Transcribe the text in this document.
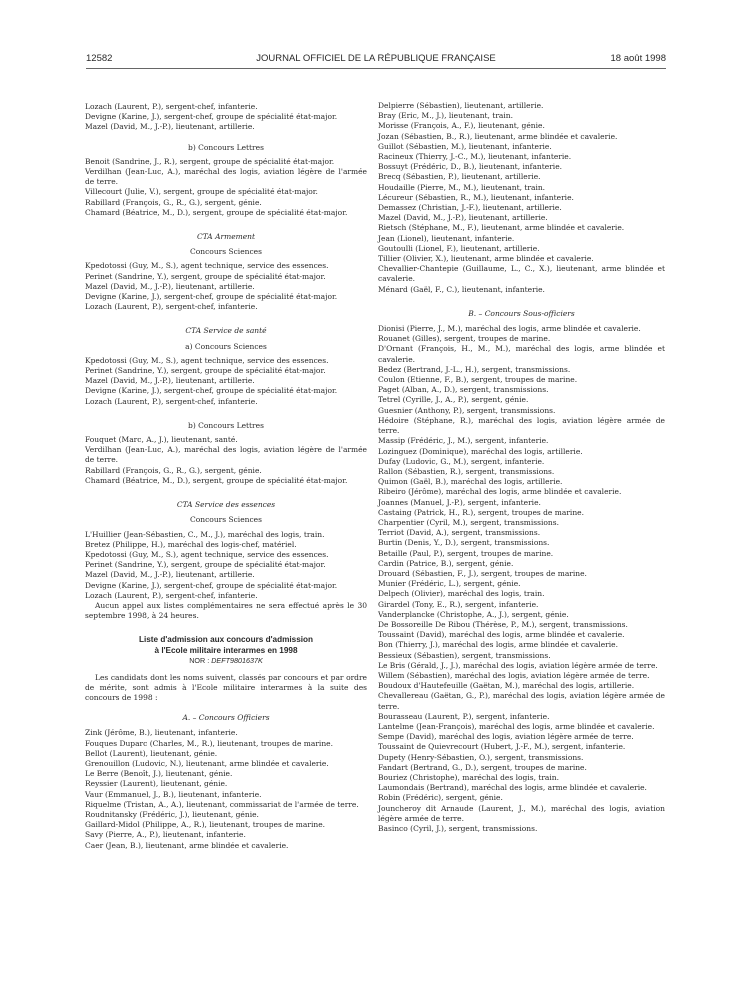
12582	JOURNAL OFFICIEL DE LA RÉPUBLIQUE FRANÇAISE	18 août 1998
Lozach (Laurent, P.), sergent-chef, infanterie.
Devigne (Karine, J.), sergent-chef, groupe de spécialité état-major.
Mazel (David, M., J.-P.), lieutenant, artillerie.
b) Concours Lettres
Benoit (Sandrine, J., R.), sergent, groupe de spécialité état-major.
Verdilhan (Jean-Luc, A.), maréchal des logis, aviation légère de l'armée de terre.
Villecourt (Julie, V.), sergent, groupe de spécialité état-major.
Rabillard (François, G., R., G.), sergent, génie.
Chamard (Béatrice, M., D.), sergent, groupe de spécialité état-major.
CTA Armement
Concours Sciences
Kpedotossi (Guy, M., S.), agent technique, service des essences.
Perinet (Sandrine, Y.), sergent, groupe de spécialité état-major.
Mazel (David, M., J.-P.), lieutenant, artillerie.
Devigne (Karine, J.), sergent-chef, groupe de spécialité état-major.
Lozach (Laurent, P.), sergent-chef, infanterie.
CTA Service de santé
a) Concours Sciences
Kpedotossi (Guy, M., S.), agent technique, service des essences.
Perinet (Sandrine, Y.), sergent, groupe de spécialité état-major.
Mazel (David, M., J.-P.), lieutenant, artillerie.
Devigne (Karine, J.), sergent-chef, groupe de spécialité état-major.
Lozach (Laurent, P.), sergent-chef, infanterie.
b) Concours Lettres
Fouquet (Marc, A., J.), lieutenant, santé.
Verdilhan (Jean-Luc, A.), maréchal des logis, aviation légère de l'armée de terre.
Rabillard (François, G., R., G.), sergent, génie.
Chamard (Béatrice, M., D.), sergent, groupe de spécialité état-major.
CTA Service des essences
Concours Sciences
L'Huillier (Jean-Sébastien, C., M., J.), maréchal des logis, train.
Bretez (Philippe, H.), maréchal des logis-chef, matériel.
Kpedotossi (Guy, M., S.), agent technique, service des essences.
Perinet (Sandrine, Y.), sergent, groupe de spécialité état-major.
Mazel (David, M., J.-P.), lieutenant, artillerie.
Devigne (Karine, J.), sergent-chef, groupe de spécialité état-major.
Lozach (Laurent, P.), sergent-chef, infanterie.
Aucun appel aux listes complémentaires ne sera effectué après le 30 septembre 1998, à 24 heures.
Liste d'admission aux concours d'admission
à l'Ecole militaire interarmes en 1998
NOR : DEFT9801637K
Les candidats dont les noms suivent, classés par concours et par ordre de mérite, sont admis à l'Ecole militaire interarmes à la suite des concours de 1998 :
A. – Concours Officiers
Zink (Jérôme, B.), lieutenant, infanterie.
Fouques Duparc (Charles, M., R.), lieutenant, troupes de marine.
Bellot (Laurent), lieutenant, génie.
Grenouillon (Ludovic, N.), lieutenant, arme blindée et cavalerie.
Le Berre (Benoît, J.), lieutenant, génie.
Reyssier (Laurent), lieutenant, génie.
Vaur (Emmanuel, J., B.), lieutenant, infanterie.
Riquelme (Tristan, A., A.), lieutenant, commissariat de l'armée de terre.
Roudnitansky (Frédéric, J.), lieutenant, génie.
Gaillard-Midol (Philippe, A., R.), lieutenant, troupes de marine.
Savy (Pierre, A., P.), lieutenant, infanterie.
Caer (Jean, B.), lieutenant, arme blindée et cavalerie.
Delpierre (Sébastien), lieutenant, artillerie.
Bray (Eric, M., J.), lieutenant, train.
Morisse (François, A., F.), lieutenant, génie.
Jozan (Sébastien, B., R.), lieutenant, arme blindée et cavalerie.
Guillot (Sébastien, M.), lieutenant, infanterie.
Racineux (Thierry, J.-C., M.), lieutenant, infanterie.
Bossuyt (Frédéric, D., B.), lieutenant, infanterie.
Brecq (Sébastien, P.), lieutenant, artillerie.
Houdaille (Pierre, M., M.), lieutenant, train.
Lécureur (Sébastien, R., M.), lieutenant, infanterie.
Demassez (Christian, J.-F.), lieutenant, artillerie.
Mazel (David, M., J.-P.), lieutenant, artillerie.
Rietsch (Stéphane, M., F.), lieutenant, arme blindée et cavalerie.
Jean (Lionel), lieutenant, infanterie.
Goutoulli (Lionel, F.), lieutenant, artillerie.
Tillier (Olivier, X.), lieutenant, arme blindée et cavalerie.
Chevallier-Chantepie (Guillaume, L., C., X.), lieutenant, arme blindée et cavalerie.
Ménard (Gaël, F., C.), lieutenant, infanterie.
B. – Concours Sous-officiers
Dionisi (Pierre, J., M.), maréchal des logis, arme blindée et cavalerie.
Rouanet (Gilles), sergent, troupes de marine.
D'Ornant (François, H., M., M.), maréchal des logis, arme blindée et cavalerie.
Bedez (Bertrand, J.-L., H.), sergent, transmissions.
Coulon (Etienne, F., B.), sergent, troupes de marine.
Paget (Alban, A., D.), sergent, transmissions.
Tetrel (Cyrille, J., A., P.), sergent, génie.
Guesnier (Anthony, P.), sergent, transmissions.
Hédoire (Stéphane, R.), maréchal des logis, aviation légère armée de terre.
Massip (Frédéric, J., M.), sergent, infanterie.
Lozinguez (Dominique), maréchal des logis, artillerie.
Dufay (Ludovic, G., M.), sergent, infanterie.
Rallon (Sébastien, R.), sergent, transmissions.
Quimon (Gaël, B.), maréchal des logis, artillerie.
Ribeiro (Jérôme), maréchal des logis, arme blindée et cavalerie.
Joannes (Manuel, J.-P.), sergent, infanterie.
Castaing (Patrick, H., R.), sergent, troupes de marine.
Charpentier (Cyril, M.), sergent, transmissions.
Terriot (David, A.), sergent, transmissions.
Burtin (Denis, Y., D.), sergent, transmissions.
Betaille (Paul, P.), sergent, troupes de marine.
Cardin (Patrice, B.), sergent, génie.
Drouard (Sébastien, F., J.), sergent, troupes de marine.
Munier (Frédéric, L.), sergent, génie.
Delpech (Olivier), maréchal des logis, train.
Girardel (Tony, E., R.), sergent, infanterie.
Vanderplancke (Christophe, A., J.), sergent, génie.
De Bossoreille De Ribou (Thérèse, P., M.), sergent, transmissions.
Toussaint (David), maréchal des logis, arme blindée et cavalerie.
Bon (Thierry, J.), maréchal des logis, arme blindée et cavalerie.
Bessieux (Sébastien), sergent, transmissions.
Le Bris (Gérald, J., J.), maréchal des logis, aviation légère armée de terre.
Willem (Sébastien), maréchal des logis, aviation légère armée de terre.
Boudoux d'Hautefeuille (Gaëtan, M.), maréchal des logis, artillerie.
Chevallereau (Gaëtan, G., P.), maréchal des logis, aviation légère armée de terre.
Bourasseau (Laurent, P.), sergent, infanterie.
Lantelme (Jean-François), maréchal des logis, arme blindée et cavalerie.
Sempe (David), maréchal des logis, aviation légère armée de terre.
Toussaint de Quievrecourt (Hubert, J.-F., M.), sergent, infanterie.
Dupety (Henry-Sébastien, O.), sergent, transmissions.
Fandart (Bertrand, G., D.), sergent, troupes de marine.
Bouriez (Christophe), maréchal des logis, train.
Laumondais (Bertrand), maréchal des logis, arme blindée et cavalerie.
Robin (Frédéric), sergent, génie.
Jouncheroy dit Arnaude (Laurent, J., M.), maréchal des logis, aviation légère armée de terre.
Basinco (Cyril, J.), sergent, transmissions.
